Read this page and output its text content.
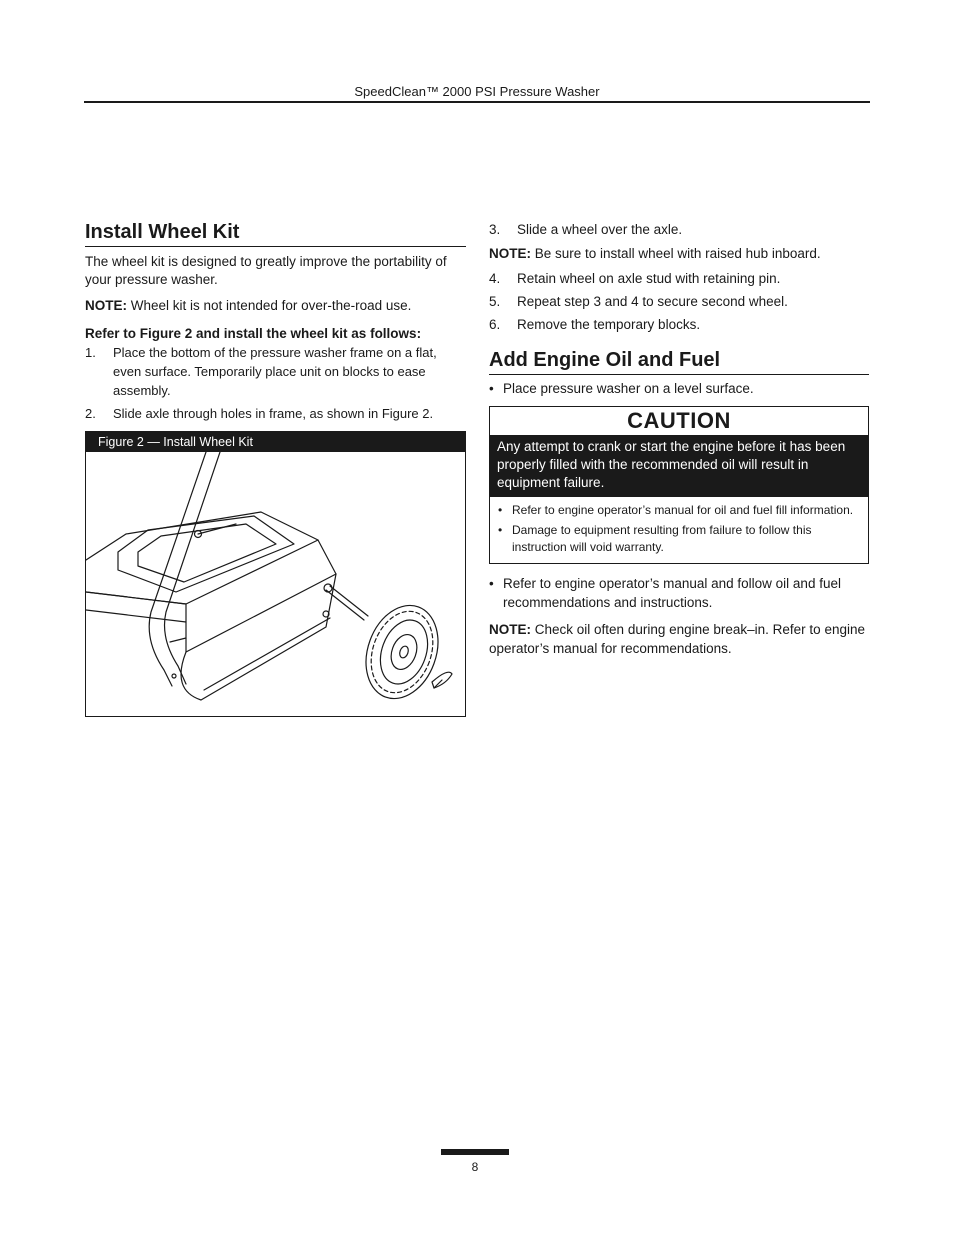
SpeedClean™ 2000 PSI Pressure Washer
Install Wheel Kit

The wheel kit is designed to greatly improve the portability of your pressure washer.

NOTE: Wheel kit is not intended for over-the-road use.

Refer to Figure 2 and install the wheel kit as follows:

1. Place the bottom of the pressure washer frame on a flat, even surface. Temporarily place unit on blocks to ease assembly.
2. Slide axle through holes in frame, as shown in Figure 2.
Figure 2 — Install Wheel Kit
3. Slide a wheel over the axle.

NOTE: Be sure to install wheel with raised hub inboard.

4. Retain wheel on axle stud with retaining pin.
5. Repeat step 3 and 4 to secure second wheel.
6. Remove the temporary blocks.
Add Engine Oil and Fuel
• Place pressure washer on a level surface.
CAUTION
Any attempt to crank or start the engine before it has been properly filled with the recommended oil will result in equipment failure.
• Refer to engine operator’s manual for oil and fuel fill information.
• Damage to equipment resulting from failure to follow this instruction will void warranty.
• Refer to engine operator’s manual and follow oil and fuel recommendations and instructions.

NOTE: Check oil often during engine break–in. Refer to engine operator’s manual for recommendations.

8
